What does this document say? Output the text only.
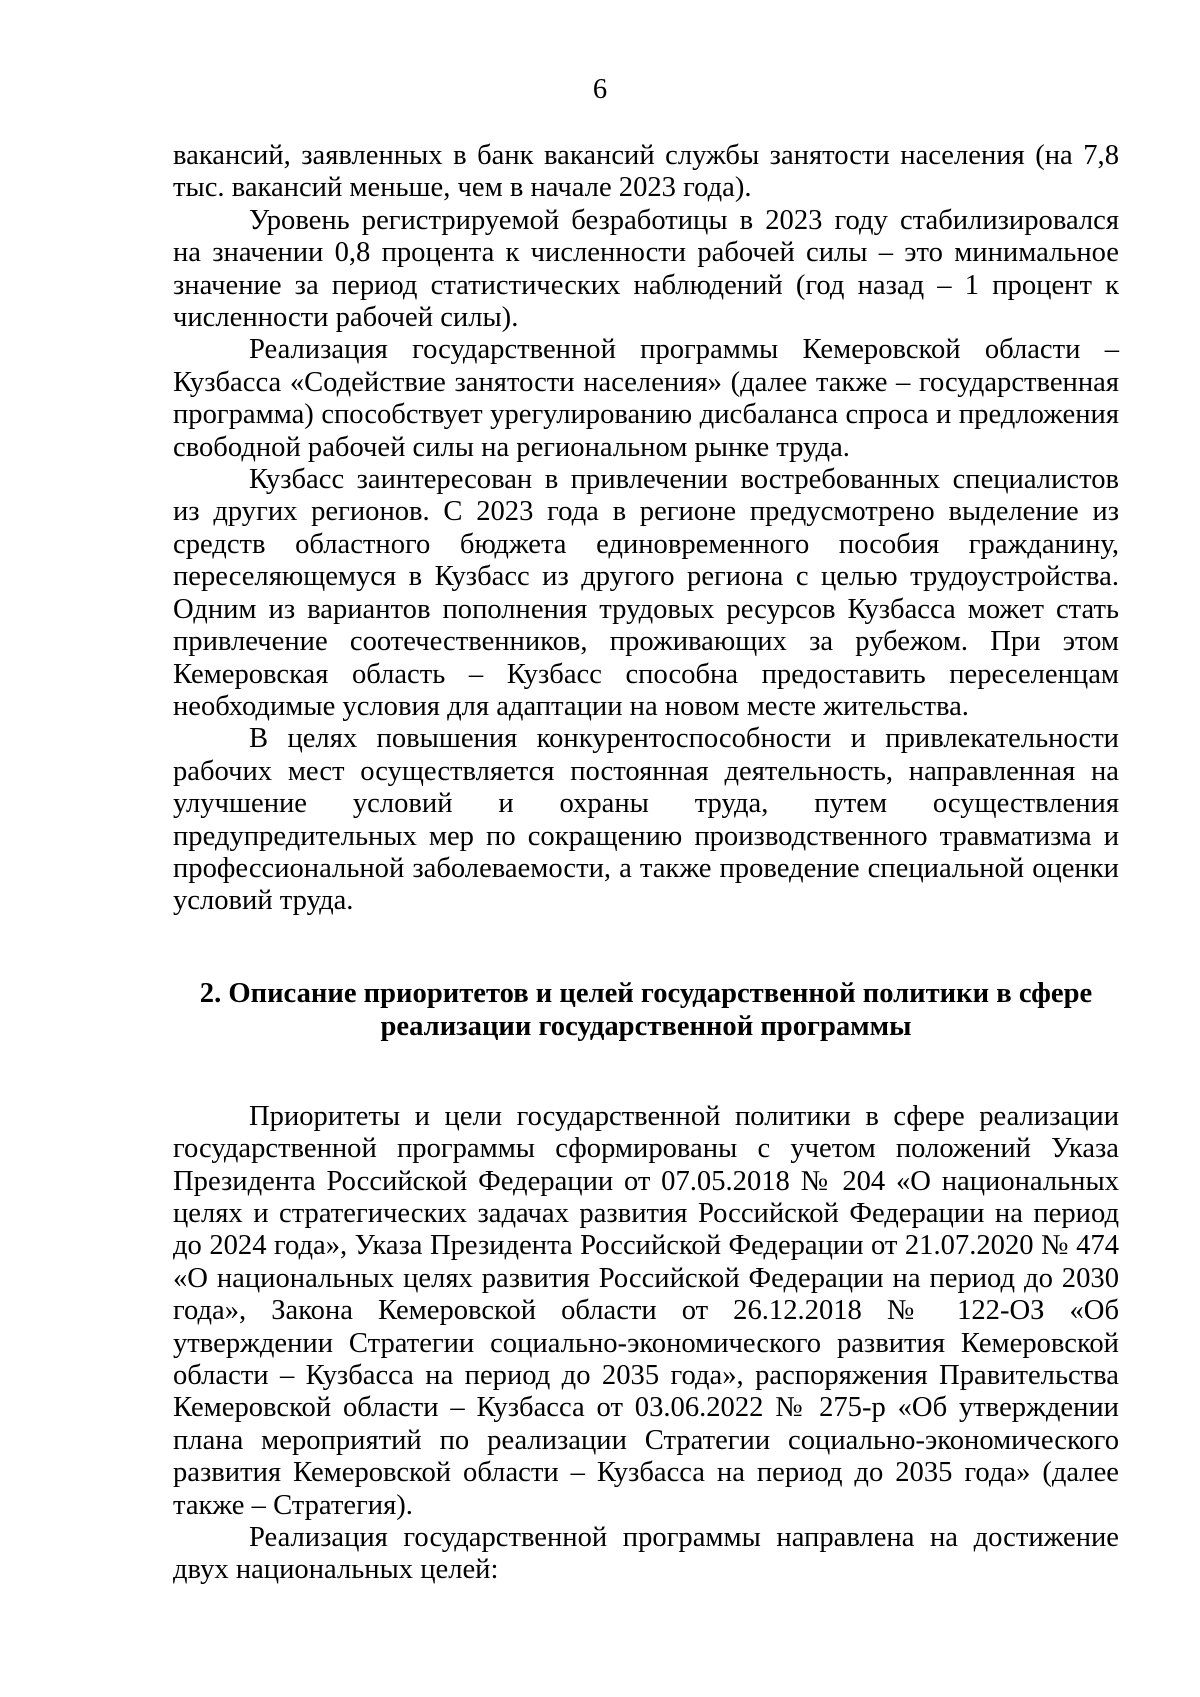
6

вакансий, заявленных в банк вакансий службы занятости населения (на 7,8 тыс. вакансий меньше, чем в начале 2023 года).

Уровень регистрируемой безработицы в 2023 году стабилизировался на значении 0,8 процента к численности рабочей силы – это минимальное значение за период статистических наблюдений (год назад – 1 процент к численности рабочей силы).

Реализация государственной программы Кемеровской области – Кузбасса «Содействие занятости населения» (далее также – государственная программа) способствует урегулированию дисбаланса спроса и предложения свободной рабочей силы на региональном рынке труда.

Кузбасс заинтересован в привлечении востребованных специалистов из других регионов. С 2023 года в регионе предусмотрено выделение из средств областного бюджета единовременного пособия гражданину, переселяющемуся в Кузбасс из другого региона с целью трудоустройства. Одним из вариантов пополнения трудовых ресурсов Кузбасса может стать привлечение соотечественников, проживающих за рубежом. При этом Кемеровская область – Кузбасс способна предоставить переселенцам необходимые условия для адаптации на новом месте жительства.

В целях повышения конкурентоспособности и привлекательности рабочих мест осуществляется постоянная деятельность, направленная на улучшение условий и охраны труда, путем осуществления предупредительных мер по сокращению производственного травматизма и профессиональной заболеваемости, а также проведение специальной оценки условий труда.

2. Описание приоритетов и целей государственной политики в сфере
реализации государственной программы

Приоритеты и цели государственной политики в сфере реализации государственной программы сформированы с учетом положений Указа Президента Российской Федерации от 07.05.2018 № 204 «О национальных целях и стратегических задачах развития Российской Федерации на период до 2024 года», Указа Президента Российской Федерации от 21.07.2020 № 474 «О национальных целях развития Российской Федерации на период до 2030 года», Закона Кемеровской области от 26.12.2018 № 122-ОЗ «Об утверждении Стратегии социально-экономического развития Кемеровской области – Кузбасса на период до 2035 года», распоряжения Правительства Кемеровской области – Кузбасса от 03.06.2022 № 275-р «Об утверждении плана мероприятий по реализации Стратегии социально-экономического развития Кемеровской области – Кузбасса на период до 2035 года» (далее также – Стратегия).

Реализация государственной программы направлена на достижение двух национальных целей:
